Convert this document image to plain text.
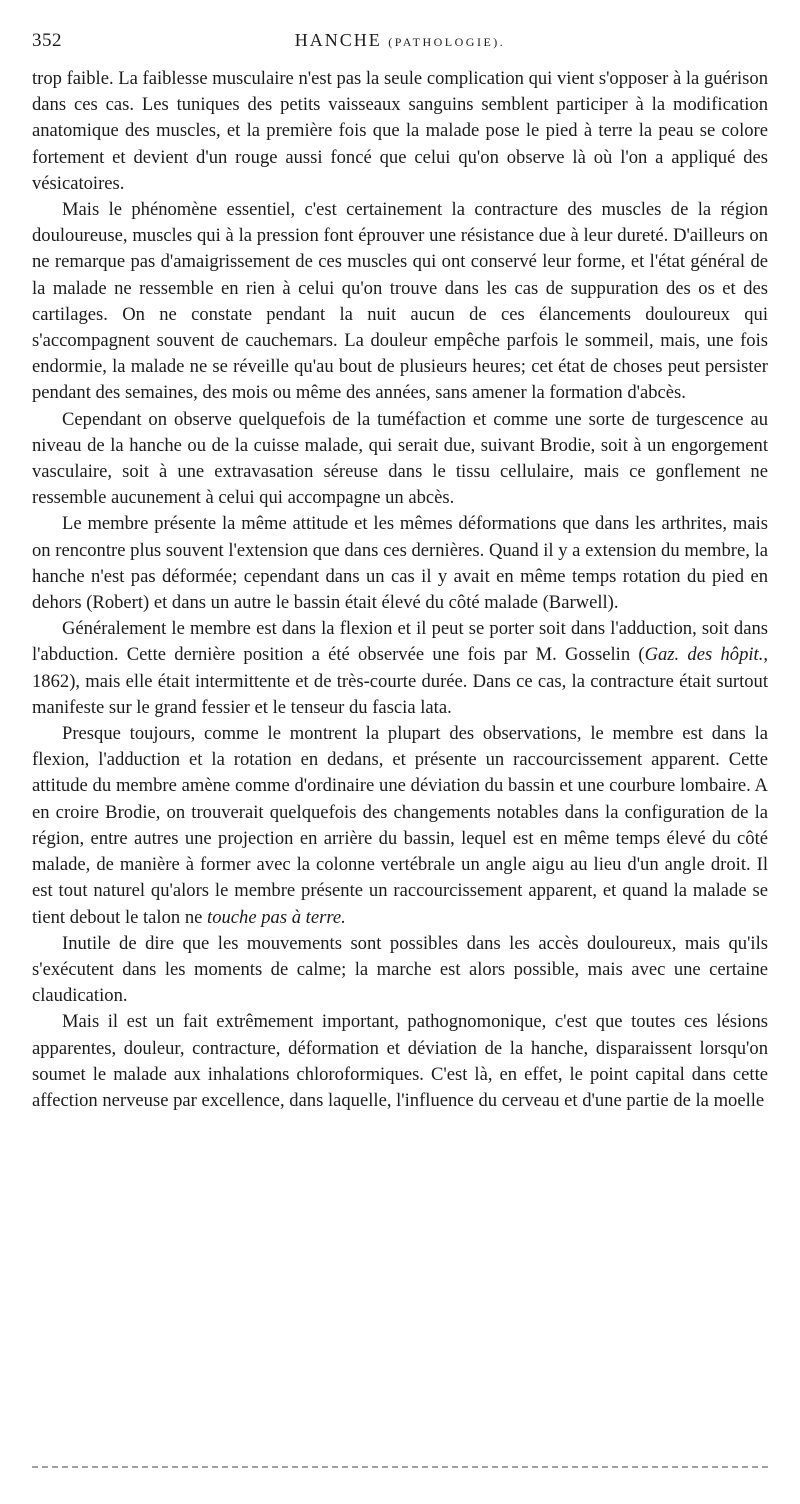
352	HANCHE (PATHOLOGIE).

trop faible. La faiblesse musculaire n'est pas la seule complication qui vient s'opposer à la guérison dans ces cas. Les tuniques des petits vaisseaux sanguins semblent participer à la modification anatomique des muscles, et la première fois que la malade pose le pied à terre la peau se colore fortement et devient d'un rouge aussi foncé que celui qu'on observe là où l'on a appliqué des vésicatoires.

Mais le phénomène essentiel, c'est certainement la contracture des muscles de la région douloureuse, muscles qui à la pression font éprouver une résistance due à leur dureté. D'ailleurs on ne remarque pas d'amaigrissement de ces muscles qui ont conservé leur forme, et l'état général de la malade ne ressemble en rien à celui qu'on trouve dans les cas de suppuration des os et des cartilages. On ne constate pendant la nuit aucun de ces élancements douloureux qui s'accompagnent souvent de cauchemars. La douleur empêche parfois le sommeil, mais, une fois endormie, la malade ne se réveille qu'au bout de plusieurs heures; cet état de choses peut persister pendant des semaines, des mois ou même des années, sans amener la formation d'abcès.

Cependant on observe quelquefois de la tuméfaction et comme une sorte de turgescence au niveau de la hanche ou de la cuisse malade, qui serait due, suivant Brodie, soit à un engorgement vasculaire, soit à une extravasation séreuse dans le tissu cellulaire, mais ce gonflement ne ressemble aucunement à celui qui accompagne un abcès.

Le membre présente la même attitude et les mêmes déformations que dans les arthrites, mais on rencontre plus souvent l'extension que dans ces dernières. Quand il y a extension du membre, la hanche n'est pas déformée; cependant dans un cas il y avait en même temps rotation du pied en dehors (Robert) et dans un autre le bassin était élevé du côté malade (Barwell).

Généralement le membre est dans la flexion et il peut se porter soit dans l'adduction, soit dans l'abduction. Cette dernière position a été observée une fois par M. Gosselin (Gaz. des hôpit., 1862), mais elle était intermittente et de très-courte durée. Dans ce cas, la contracture était surtout manifeste sur le grand fessier et le tenseur du fascia lata.

Presque toujours, comme le montrent la plupart des observations, le membre est dans la flexion, l'adduction et la rotation en dedans, et présente un raccourcissement apparent. Cette attitude du membre amène comme d'ordinaire une déviation du bassin et une courbure lombaire. A en croire Brodie, on trouverait quelquefois des changements notables dans la configuration de la région, entre autres une projection en arrière du bassin, lequel est en même temps élevé du côté malade, de manière à former avec la colonne vertébrale un angle aigu au lieu d'un angle droit. Il est tout naturel qu'alors le membre présente un raccourcissement apparent, et quand la malade se tient debout le talon ne touche pas à terre.

Inutile de dire que les mouvements sont possibles dans les accès douloureux, mais qu'ils s'exécutent dans les moments de calme; la marche est alors possible, mais avec une certaine claudication.

Mais il est un fait extrêmement important, pathognomonique, c'est que toutes ces lésions apparentes, douleur, contracture, déformation et déviation de la hanche, disparaissent lorsqu'on soumet le malade aux inhalations chloroformiques. C'est là, en effet, le point capital dans cette affection nerveuse par excellence, dans laquelle, l'influence du cerveau et d'une partie de la moelle
